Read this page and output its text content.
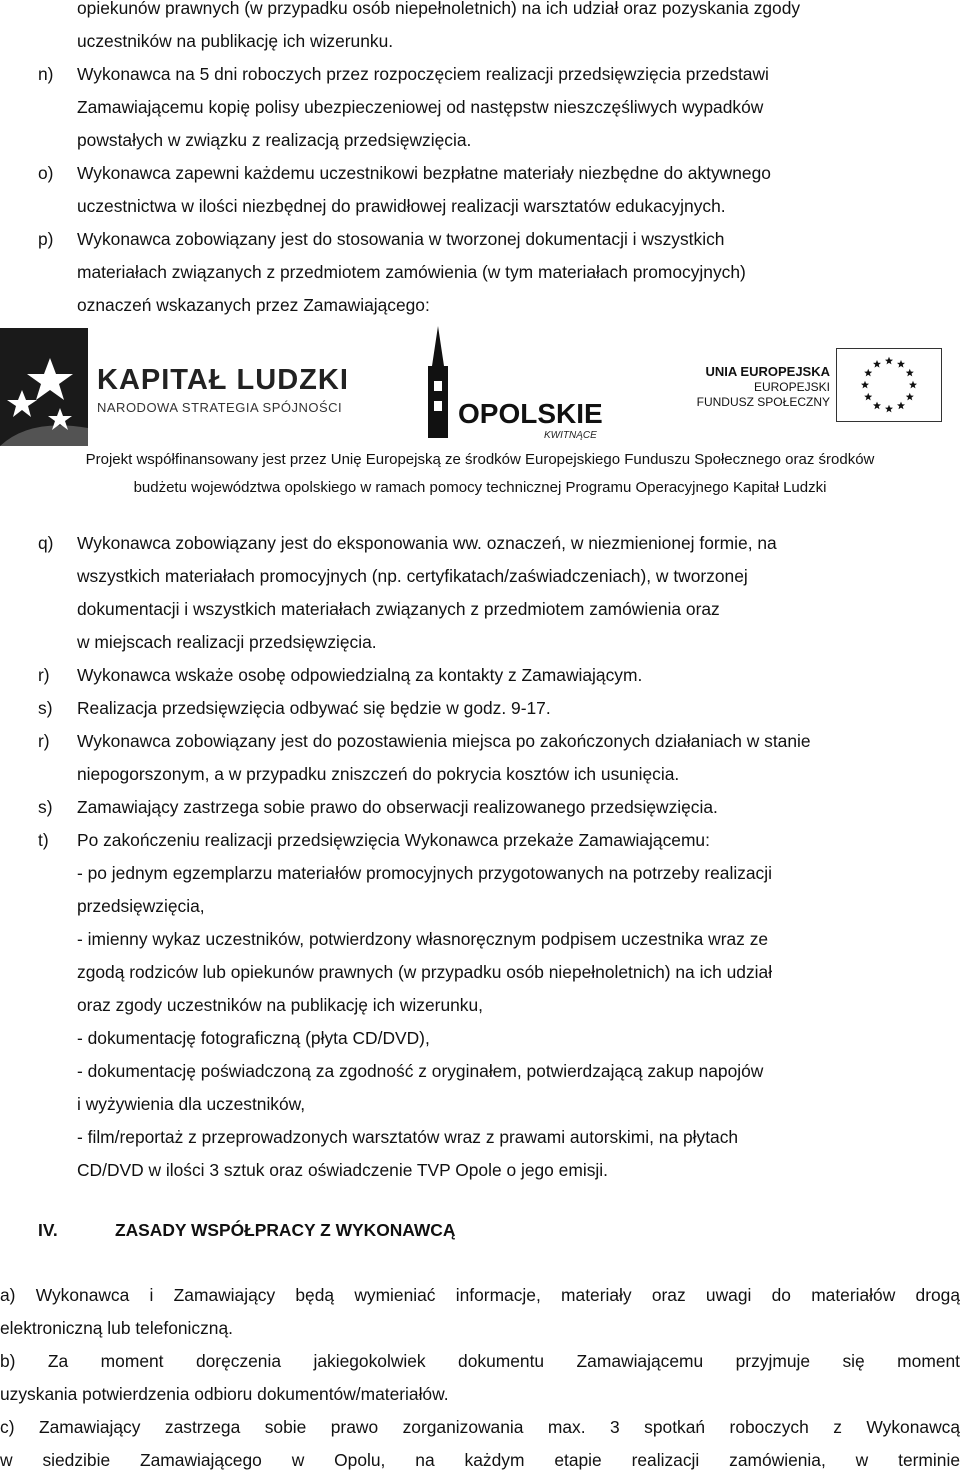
opiekunów prawnych (w przypadku osób niepełnoletnich) na ich udział oraz pozyskania zgody
uczestników na publikację ich wizerunku.
n) Wykonawca na 5 dni roboczych przez rozpoczęciem realizacji przedsięwzięcia przedstawi
Zamawiającemu kopię polisy ubezpieczeniowej od następstw nieszczęśliwych wypadków
powstałych w związku z realizacją przedsięwzięcia.
o) Wykonawca zapewni każdemu uczestnikowi bezpłatne materiały niezbędne do aktywnego
uczestnictwa w ilości niezbędnej do prawidłowej realizacji warsztatów edukacyjnych.
p) Wykonawca zobowiązany jest do stosowania w tworzonej dokumentacji i wszystkich
materiałach związanych z przedmiotem zamówienia (w tym materiałach promocyjnych)
oznaczeń wskazanych przez Zamawiającego:
KAPITAŁ LUDZKI
NARODOWA STRATEGIA SPÓJNOŚCI	OPOLSKIE
KWITNĄCE
UNIA EUROPEJSKA
EUROPEJSKI
FUNDUSZ SPOŁECZNY
Projekt współfinansowany jest przez Unię Europejską ze środków Europejskiego Funduszu Społecznego oraz środków
budżetu województwa opolskiego w ramach pomocy technicznej Programu Operacyjnego Kapitał Ludzki
q) Wykonawca zobowiązany jest do eksponowania ww. oznaczeń, w niezmienionej formie, na
wszystkich materiałach promocyjnych (np. certyfikatach/zaświadczeniach), w tworzonej
dokumentacji i wszystkich materiałach związanych z przedmiotem zamówienia oraz
w miejscach realizacji przedsięwzięcia.
r) Wykonawca wskaże osobę odpowiedzialną za kontakty z Zamawiającym.
s) Realizacja przedsięwzięcia odbywać się będzie w godz. 9-17.
r) Wykonawca zobowiązany jest do pozostawienia miejsca po zakończonych działaniach w stanie
niepogorszonym, a w przypadku zniszczeń do pokrycia kosztów ich usunięcia.
s) Zamawiający zastrzega sobie prawo do obserwacji realizowanego przedsięwzięcia.
t) Po zakończeniu realizacji przedsięwzięcia Wykonawca przekaże Zamawiającemu:
- po jednym egzemplarzu materiałów promocyjnych przygotowanych na potrzeby realizacji
przedsięwzięcia,
- imienny wykaz uczestników, potwierdzony własnoręcznym podpisem uczestnika wraz ze
zgodą rodziców lub opiekunów prawnych (w przypadku osób niepełnoletnich) na ich udział
oraz zgody uczestników na publikację ich wizerunku,
- dokumentację fotograficzną (płyta CD/DVD),
- dokumentację poświadczoną za zgodność z oryginałem, potwierdzającą zakup napojów
i wyżywienia dla uczestników,
- film/reportaż z przeprowadzonych warsztatów wraz z prawami autorskimi, na płytach
CD/DVD w ilości 3 sztuk oraz oświadczenie TVP Opole o jego emisji.
IV.	ZASADY WSPÓŁPRACY Z WYKONAWCĄ
a) Wykonawca i Zamawiający będą wymieniać informacje, materiały oraz uwagi do materiałów drogą
elektroniczną lub telefoniczną.
b) Za moment doręczenia jakiegokolwiek dokumentu Zamawiającemu przyjmuje się moment
uzyskania potwierdzenia odbioru dokumentów/materiałów.
c) Zamawiający zastrzega sobie prawo zorganizowania max. 3 spotkań roboczych z Wykonawcą
w siedzibie Zamawiającego w Opolu, na każdym etapie realizacji zamówienia, w terminie
